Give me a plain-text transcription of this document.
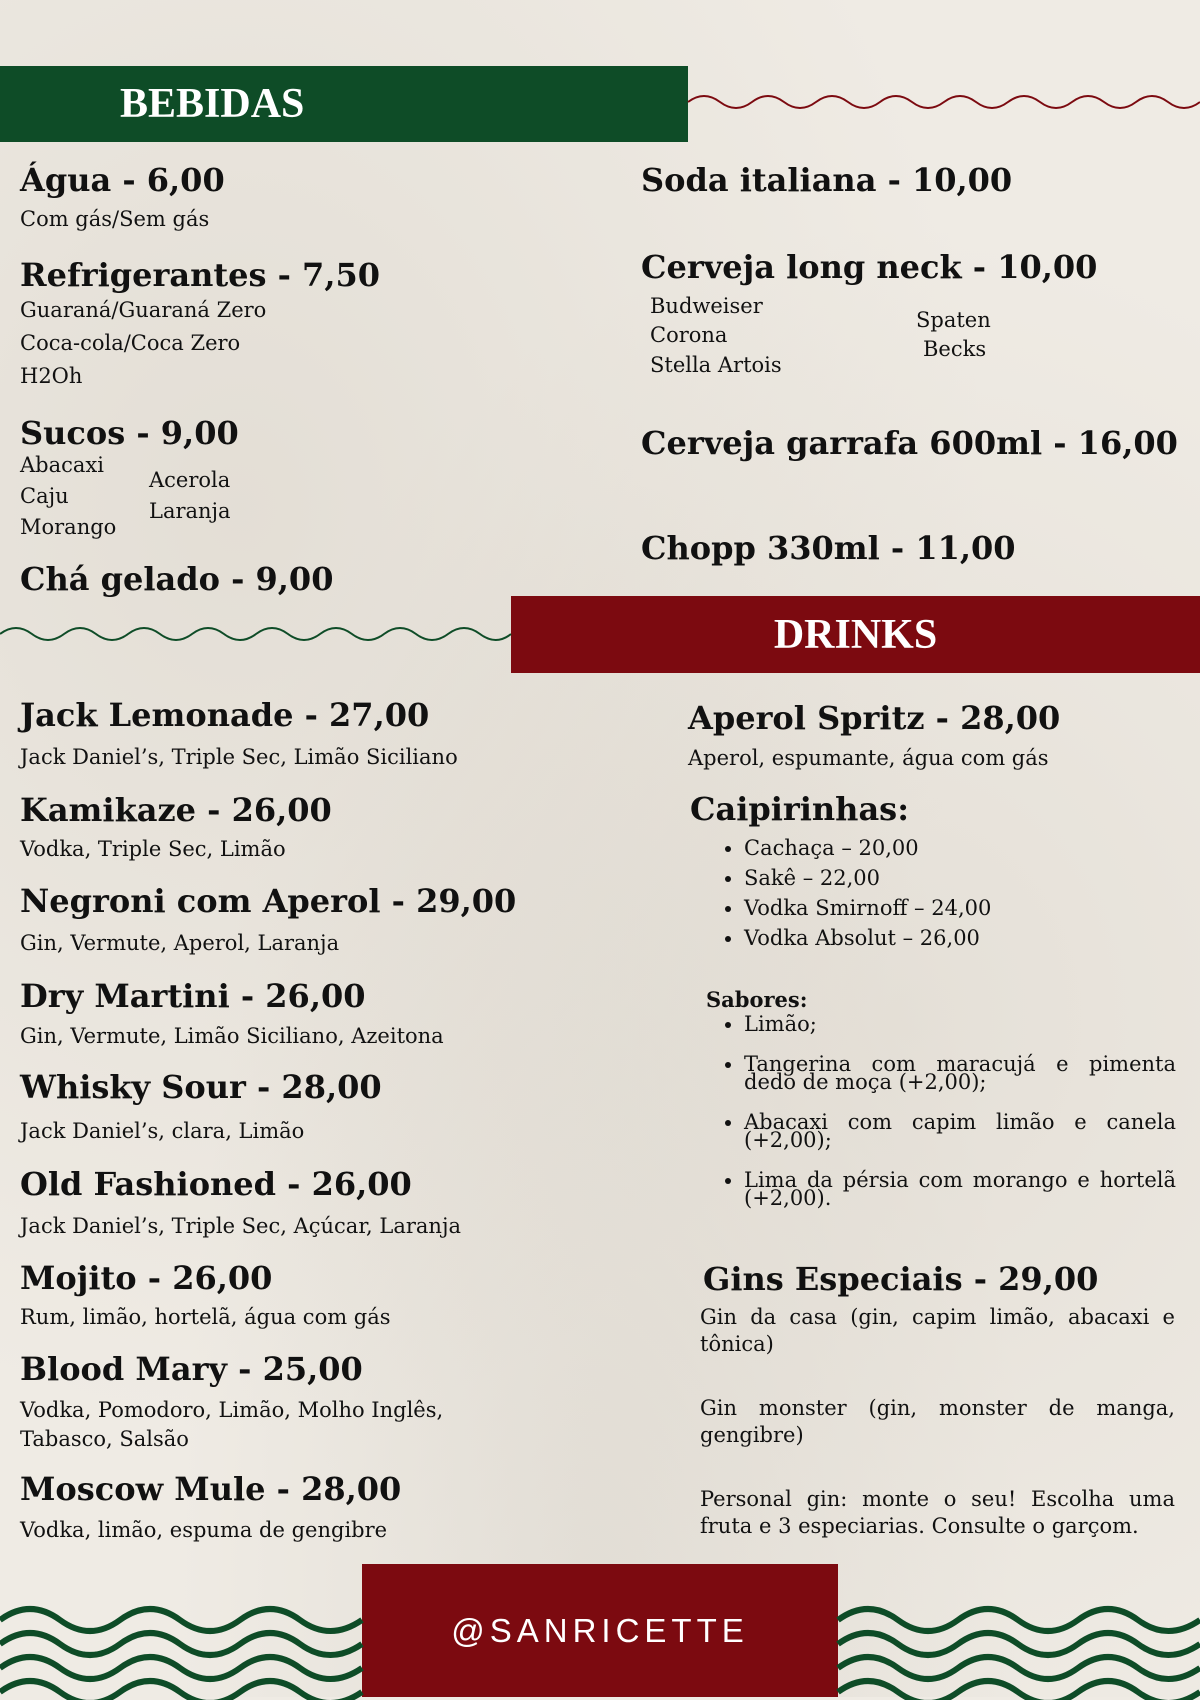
BEBIDAS
DRINKS
@SANRICETTE
Água - 6,00
Com gás/Sem gás
Refrigerantes - 7,50
Guaraná/Guaraná Zero
Coca-cola/Coca Zero
H2Oh
Sucos - 9,00
Abacaxi
Caju
Morango
Acerola
Laranja
Chá gelado - 9,00
Soda italiana - 10,00
Cerveja long neck - 10,00
Budweiser
Corona
Stella Artois
Spaten
Becks
Cerveja garrafa 600ml - 16,00
Chopp 330ml - 11,00
Jack Lemonade - 27,00
Jack Daniel’s, Triple Sec, Limão Siciliano
Kamikaze - 26,00
Vodka, Triple Sec, Limão
Negroni com Aperol - 29,00
Gin, Vermute, Aperol, Laranja
Dry Martini - 26,00
Gin, Vermute, Limão Siciliano, Azeitona
Whisky Sour - 28,00
Jack Daniel’s, clara, Limão
Old Fashioned - 26,00
Jack Daniel’s, Triple Sec, Açúcar, Laranja
Mojito - 26,00
Rum, limão, hortelã, água com gás
Blood Mary - 25,00
Vodka, Pomodoro, Limão, Molho Inglês,
Tabasco, Salsão
Moscow Mule - 28,00
Vodka, limão, espuma de gengibre
Aperol Spritz - 28,00
Aperol, espumante, água com gás
Caipirinhas:
• Cachaça – 20,00
• Sakê – 22,00
• Vodka Smirnoff – 24,00
• Vodka Absolut – 26,00
Sabores:
• Limão;
• Tangerina com maracujá e pimenta dedo de moça (+2,00);
• Abacaxi com capim limão e canela (+2,00);
• Lima da pérsia com morango e hortelã (+2,00).
Gins Especiais - 29,00
Gin da casa (gin, capim limão, abacaxi e tônica)
Gin monster (gin, monster de manga, gengibre)
Personal gin: monte o seu! Escolha uma fruta e 3 especiarias. Consulte o garçom.
